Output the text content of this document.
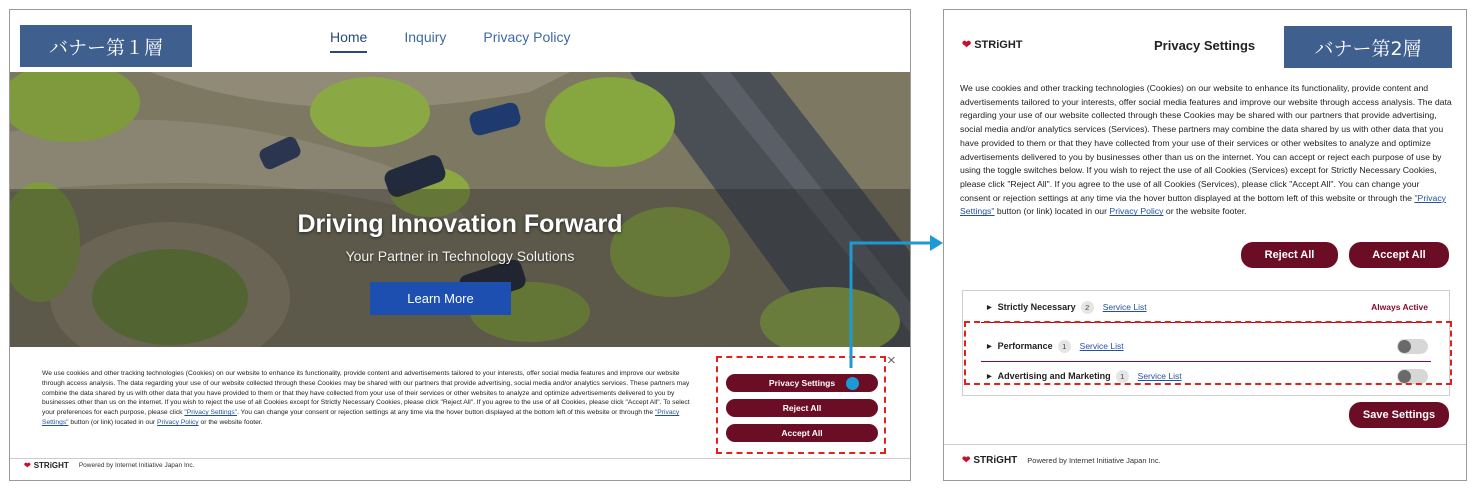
バナー第１層	Home	Inquiry	Privacy Policy
Driving Innovation Forward
Your Partner in Technology Solutions
Learn More
We use cookies and other tracking technologies (Cookies) on our website to enhance its functionality, provide content and advertisements tailored to your interests, offer social media features and improve our website through access analysis. The data regarding your use of our website collected through these Cookies may be shared with our partners that provide advertising, social media and/or analytics services. These partners may combine the data shared by us with other data that you have provided to them or that they have collected from your use of their services or other websites to analyze and optimize advertisements delivered to you by businesses other than us on the internet. If you wish to reject the use of all Cookies except for Strictly Necessary Cookies, please click "Reject All". If you agree to the use of all Cookies, please click "Accept All". To select your preferences for each purpose, please click "Privacy Settings". You can change your consent or rejection settings at any time via the hover button displayed at the bottom left of this website or through the "Privacy Settings" button (or link) located in our Privacy Policy or the website footer.
×
Privacy Settings
Reject All
Accept All
❤ STRiGHT Powered by Internet Initiative Japan Inc.
❤ STRiGHT	Privacy Settings	バナー第2層
We use cookies and other tracking technologies (Cookies) on our website to enhance its functionality, provide content and advertisements tailored to your interests, offer social media features and improve our website through access analysis. The data regarding your use of our website collected through these Cookies may be shared with our partners that provide advertising, social media and/or analytics services (Services). These partners may combine the data shared by us with other data that you have provided to them or that they have collected from your use of their services or other websites to analyze and optimize advertisements delivered to you by businesses other than us on the internet. You can accept or reject each purpose of use by using the toggle switches below. If you wish to reject the use of all Cookies (Services) except for Strictly Necessary Cookies, please click "Reject All". If you agree to the use of all Cookies (Services), please click "Accept All". You can change your consent or rejection settings at any time via the hover button displayed at the bottom left of this website or through the "Privacy Settings" button (or link) located in our Privacy Policy or the website footer.
Reject All	Accept All
▶ Strictly Necessary	2	Service List	Always Active
▶ Performance	1	Service List
▶ Advertising and Marketing	1	Service List
Save Settings
❤ STRiGHT Powered by Internet Initiative Japan Inc.
